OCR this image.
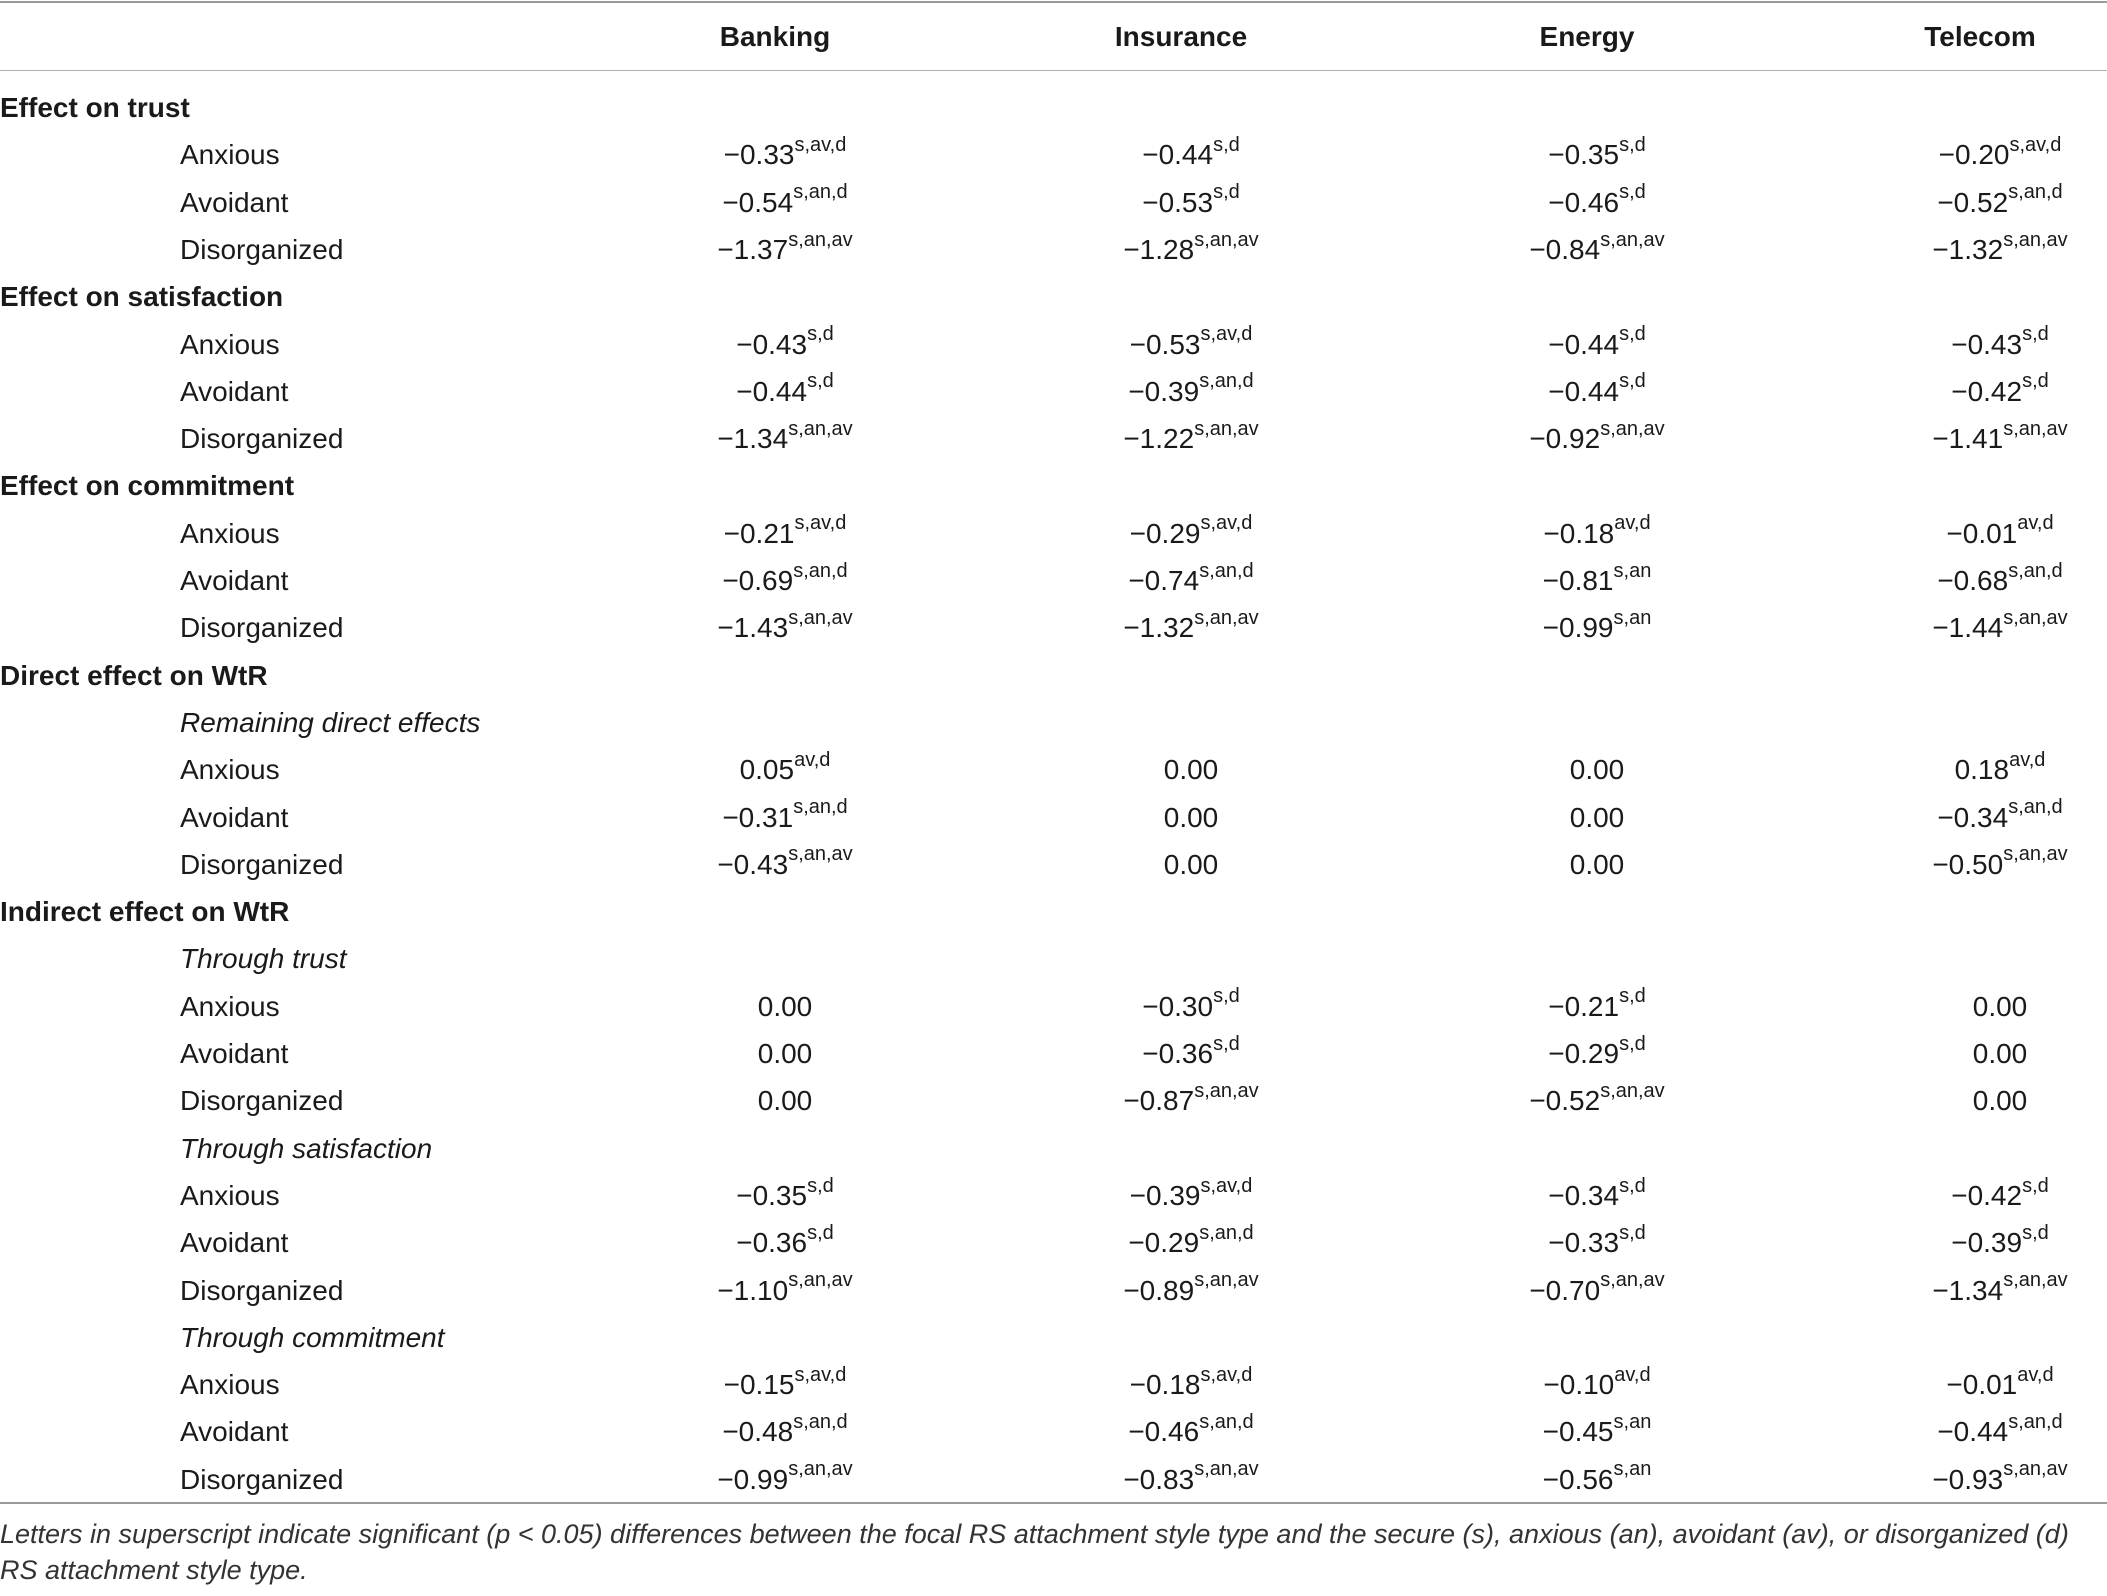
Banking	Insurance	Energy	Telecom
Effect on trust
Anxious	$-0.33^{s,av,d}$	$-0.44^{s,d}$	$-0.35^{s,d}$	$-0.20^{s,av,d}$
Avoidant	$-0.54^{s,an,d}$	$-0.53^{s,d}$	$-0.46^{s,d}$	$-0.52^{s,an,d}$
Disorganized	$-1.37^{s,an,av}$	$-1.28^{s,an,av}$	$-0.84^{s,an,av}$	$-1.32^{s,an,av}$
Effect on satisfaction
Anxious	$-0.43^{s,d}$	$-0.53^{s,av,d}$	$-0.44^{s,d}$	$-0.43^{s,d}$
Avoidant	$-0.44^{s,d}$	$-0.39^{s,an,d}$	$-0.44^{s,d}$	$-0.42^{s,d}$
Disorganized	$-1.34^{s,an,av}$	$-1.22^{s,an,av}$	$-0.92^{s,an,av}$	$-1.41^{s,an,av}$
Effect on commitment
Anxious	$-0.21^{s,av,d}$	$-0.29^{s,av,d}$	$-0.18^{av,d}$	$-0.01^{av,d}$
Avoidant	$-0.69^{s,an,d}$	$-0.74^{s,an,d}$	$-0.81^{s,an}$	$-0.68^{s,an,d}$
Disorganized	$-1.43^{s,an,av}$	$-1.32^{s,an,av}$	$-0.99^{s,an}$	$-1.44^{s,an,av}$
Direct effect on WtR
Remaining direct effects
Anxious	$0.05^{av,d}$	0.00	0.00	$0.18^{av,d}$
Avoidant	$-0.31^{s,an,d}$	0.00	0.00	$-0.34^{s,an,d}$
Disorganized	$-0.43^{s,an,av}$	0.00	0.00	$-0.50^{s,an,av}$
Indirect effect on WtR
Through trust
Anxious	0.00	$-0.30^{s,d}$	$-0.21^{s,d}$	0.00
Avoidant	0.00	$-0.36^{s,d}$	$-0.29^{s,d}$	0.00
Disorganized	0.00	$-0.87^{s,an,av}$	$-0.52^{s,an,av}$	0.00
Through satisfaction
Anxious	$-0.35^{s,d}$	$-0.39^{s,av,d}$	$-0.34^{s,d}$	$-0.42^{s,d}$
Avoidant	$-0.36^{s,d}$	$-0.29^{s,an,d}$	$-0.33^{s,d}$	$-0.39^{s,d}$
Disorganized	$-1.10^{s,an,av}$	$-0.89^{s,an,av}$	$-0.70^{s,an,av}$	$-1.34^{s,an,av}$
Through commitment
Anxious	$-0.15^{s,av,d}$	$-0.18^{s,av,d}$	$-0.10^{av,d}$	$-0.01^{av,d}$
Avoidant	$-0.48^{s,an,d}$	$-0.46^{s,an,d}$	$-0.45^{s,an}$	$-0.44^{s,an,d}$
Disorganized	$-0.99^{s,an,av}$	$-0.83^{s,an,av}$	$-0.56^{s,an}$	$-0.93^{s,an,av}$
Letters in superscript indicate significant (p < 0.05) differences between the focal RS attachment style type and the secure (s), anxious (an), avoidant (av), or disorganized (d) RS attachment style type.
